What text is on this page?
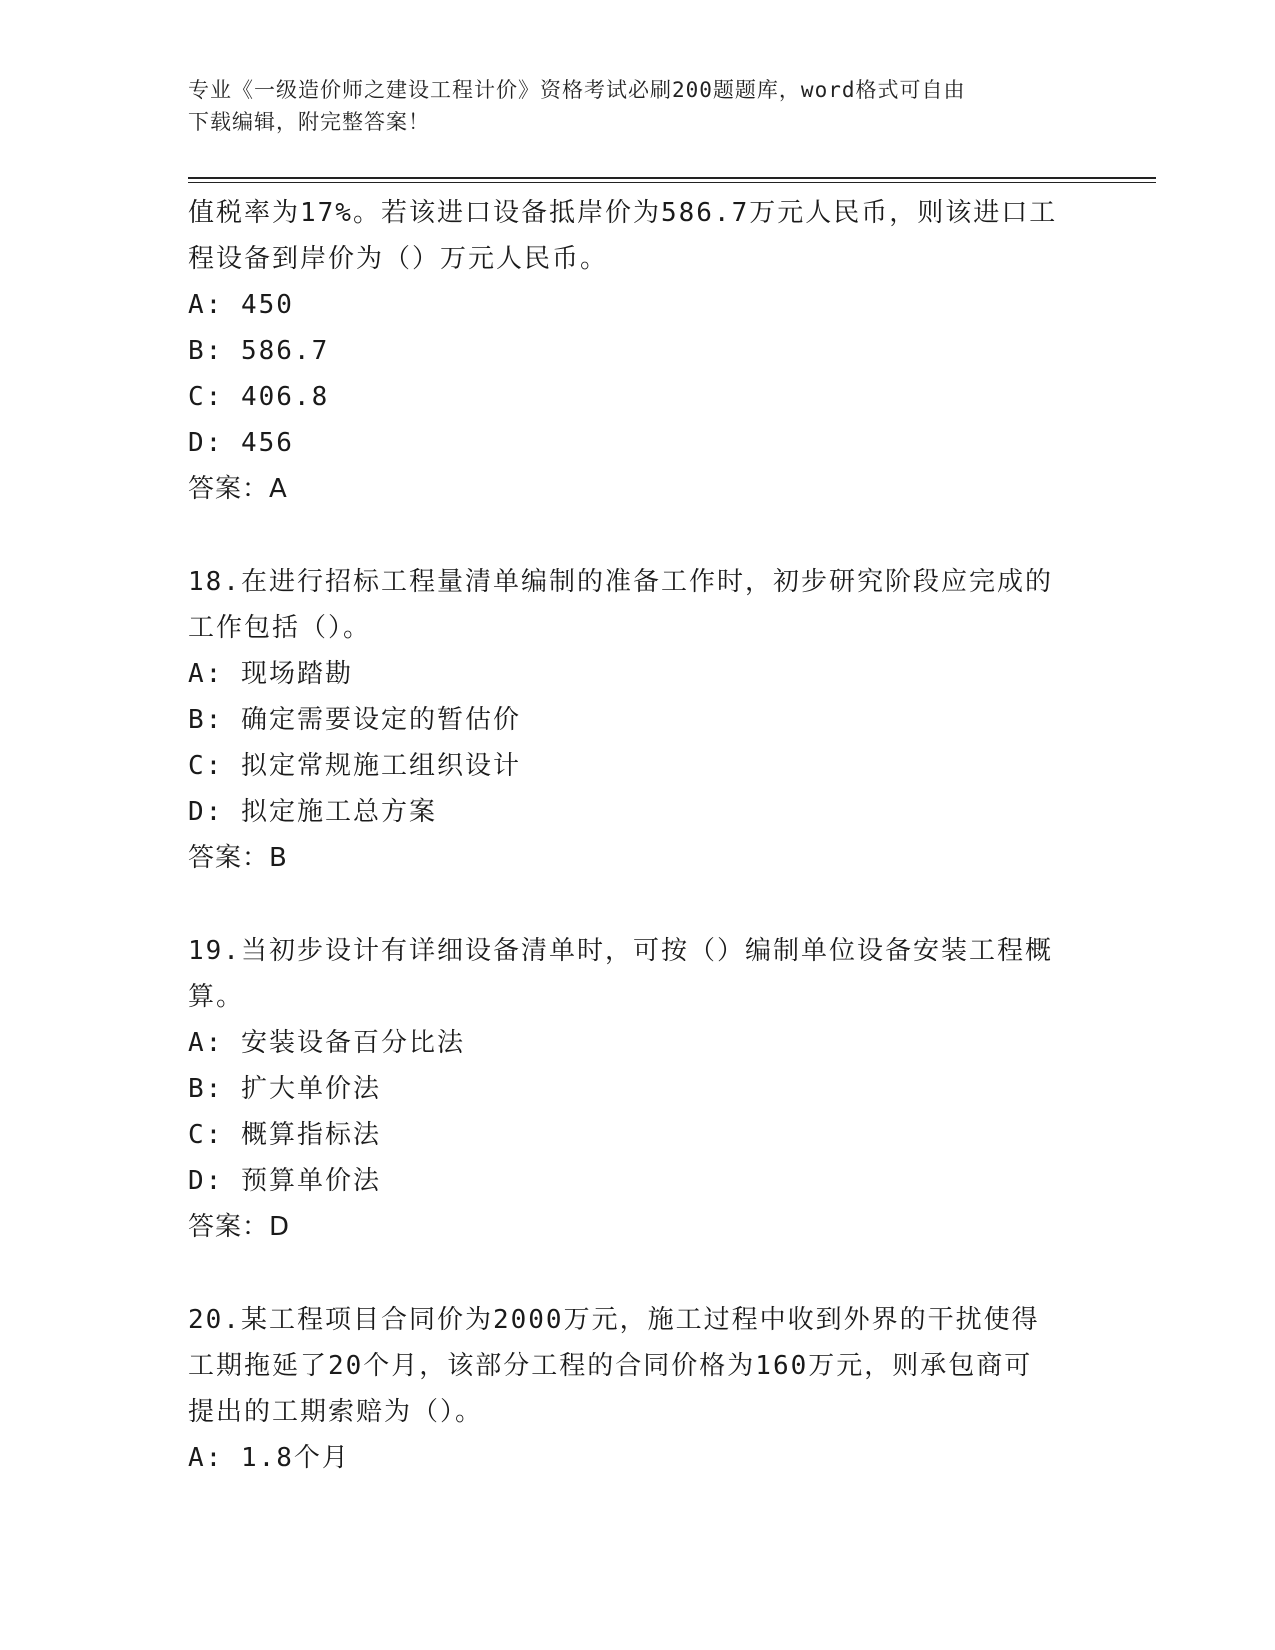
专业《一级造价师之建设工程计价》资格考试必刷200题题库，word格式可自由
下载编辑，附完整答案！
值税率为17%。若该进口设备抵岸价为586.7万元人民币，则该进口工
程设备到岸价为（）万元人民币。
A: 450
B: 586.7
C: 406.8
D: 456
答案：A
18.在进行招标工程量清单编制的准备工作时，初步研究阶段应完成的
工作包括（）。
A: 现场踏勘
B: 确定需要设定的暂估价
C: 拟定常规施工组织设计
D: 拟定施工总方案
答案：B
19.当初步设计有详细设备清单时，可按（）编制单位设备安装工程概
算。
A: 安装设备百分比法
B: 扩大单价法
C: 概算指标法
D: 预算单价法
答案：D
20.某工程项目合同价为2000万元，施工过程中收到外界的干扰使得
工期拖延了20个月，该部分工程的合同价格为160万元，则承包商可
提出的工期索赔为（）。
A: 1.8个月
